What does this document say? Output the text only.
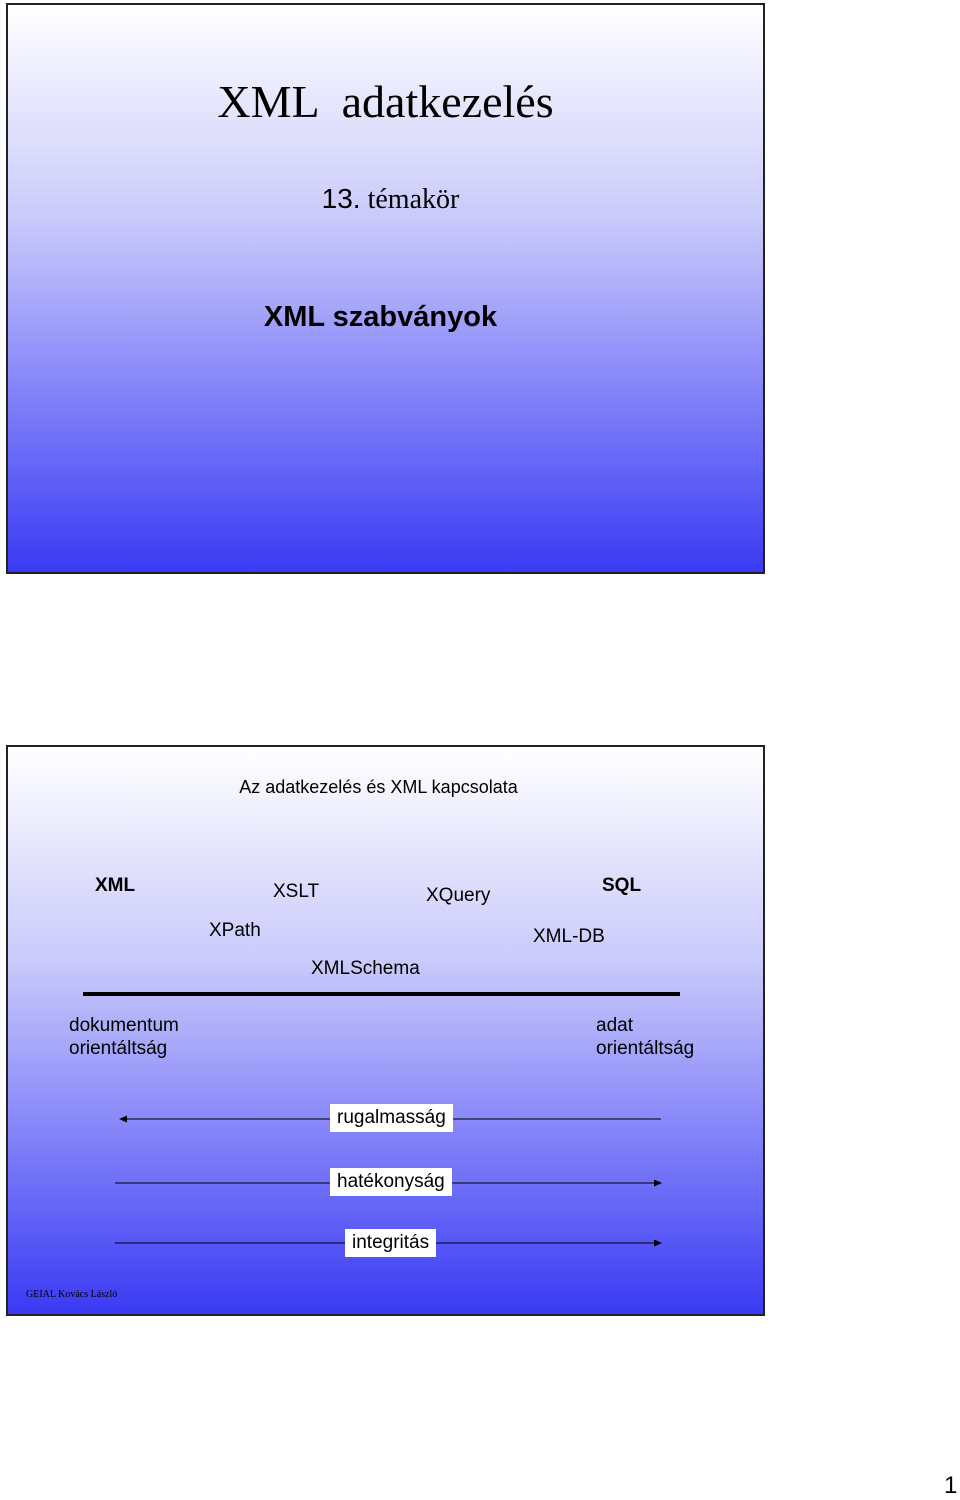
XML adatkezelés
13. témakör
XML szabványok
Az adatkezelés és XML kapcsolata
XML	XSLT	XQuery	SQL
XPath	XML-DB
XMLSchema
dokumentum
orientáltság
adat
orientáltság
rugalmasság
hatékonyság
integritás
GEIAL Kovács László
1
